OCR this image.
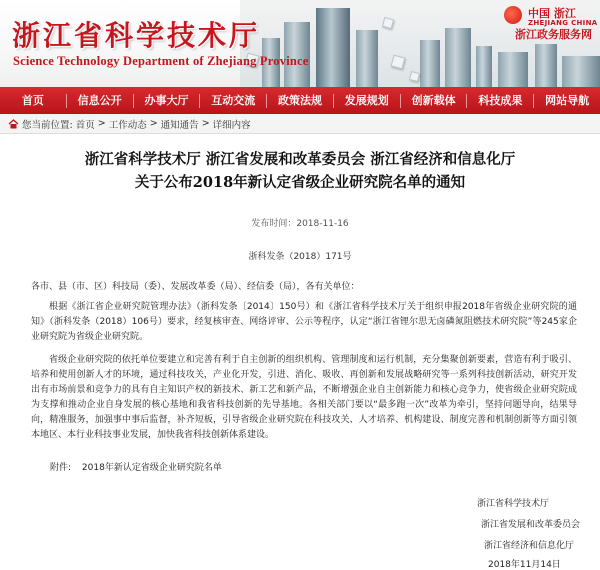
浙江省科学技术厅
Science Technology Department of Zhejiang Province
中国 浙江
ZHEJIANG CHINA
浙江政务服务网
首页	信息公开	办事大厅	互动交流	政策法规	发展规划	创新载体	科技成果	网站导航
您当前位置: 首页 > 工作动态 > 通知通告 > 详细内容
浙江省科学技术厅 浙江省发展和改革委员会 浙江省经济和信息化厅
关于公布2018年新认定省级企业研究院名单的通知
发布时间：2018-11-16
浙科发条（2018）171号
各市、县（市、区）科技局（委）、发展改革委（局）、经信委（局），各有关单位：
根据《浙江省企业研究院管理办法》（浙科发条〔2014〕150号）和《浙江省科学技术厅关于组织申报2018年省级企业研究院的通知》（浙科发条（2018）106号）要求，经复核审查、网络评审、公示等程序，认定“浙江省锂尔思无卤磷氮阻燃技术研究院”等245家企业研究院为省级企业研究院。
省级企业研究院的依托单位要建立和完善有利于自主创新的组织机构、管理制度和运行机制，充分集聚创新要素，营造有利于吸引、培养和使用创新人才的环境，通过科技攻关，产业化开发，引进、消化、吸收、再创新和发展战略研究等一系列科技创新活动，研究开发出有市场前景和竞争力的具有自主知识产权的新技术、新工艺和新产品，不断增强企业自主创新能力和核心竞争力，使省级企业研究院成为支撑和推动企业自身发展的核心基地和我省科技创新的先导基地。各相关部门要以“最多跑一次”改革为牵引，坚持问题导向，结果导向，精准服务，加强事中事后监督，补齐短板，引导省级企业研究院在科技攻关、人才培养、机构建设、制度完善和机制创新等方面引领本地区、本行业科技事业发展，加快我省科技创新体系建设。
附件: 2018年新认定省级企业研究院名单
浙江省科学技术厅
浙江省发展和改革委员会
浙江省经济和信息化厅
2018年11月14日
